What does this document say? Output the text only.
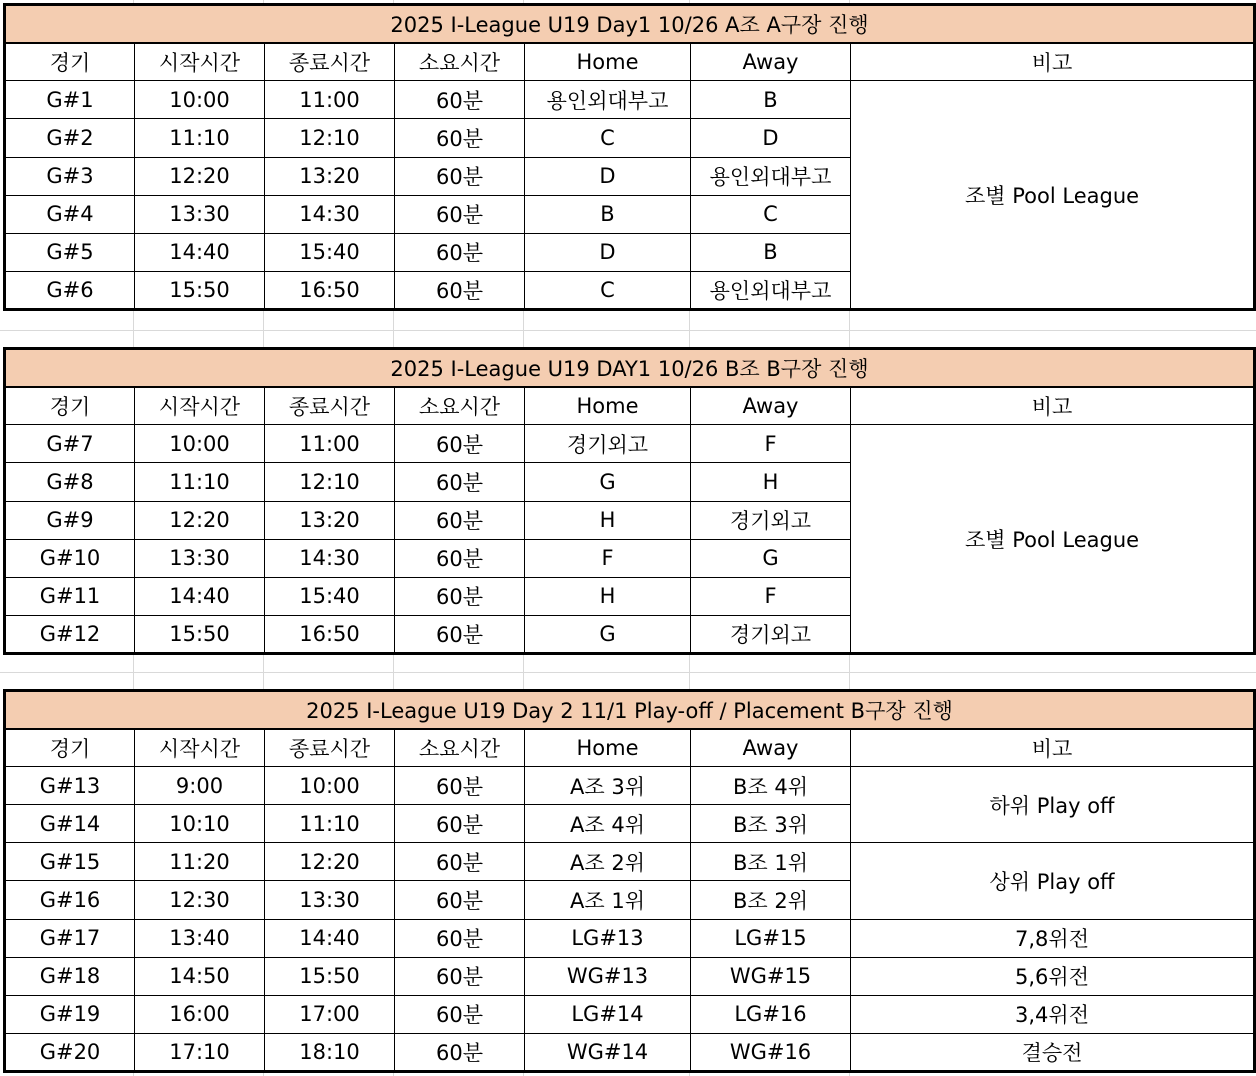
2025 I-League U19 Day1 10/26 A조 A구장 진행						
경기	시작시간	종료시간	소요시간	Home	Away	비고
G#1	10:00	11:00	60분	용인외대부고	B	조별 Pool League
G#2	11:10	12:10	60분	C	D	
G#3	12:20	13:20	60분	D	용인외대부고	
G#4	13:30	14:30	60분	B	C	
G#5	14:40	15:40	60분	D	B	
G#6	15:50	16:50	60분	C	용인외대부고	
2025 I-League U19 DAY1 10/26 B조 B구장 진행						
경기	시작시간	종료시간	소요시간	Home	Away	비고
G#7	10:00	11:00	60분	경기외고	F	조별 Pool League
G#8	11:10	12:10	60분	G	H	
G#9	12:20	13:20	60분	H	경기외고	
G#10	13:30	14:30	60분	F	G	
G#11	14:40	15:40	60분	H	F	
G#12	15:50	16:50	60분	G	경기외고	
2025 I-League U19 Day 2 11/1 Play-off / Placement B구장 진행						
경기	시작시간	종료시간	소요시간	Home	Away	비고
G#13	9:00	10:00	60분	A조 3위	B조 4위	하위 Play off
G#14	10:10	11:10	60분	A조 4위	B조 3위	
G#15	11:20	12:20	60분	A조 2위	B조 1위	상위 Play off
G#16	12:30	13:30	60분	A조 1위	B조 2위	
G#17	13:40	14:40	60분	LG#13	LG#15	7,8위전
G#18	14:50	15:50	60분	WG#13	WG#15	5,6위전
G#19	16:00	17:00	60분	LG#14	LG#16	3,4위전
G#20	17:10	18:10	60분	WG#14	WG#16	결승전
